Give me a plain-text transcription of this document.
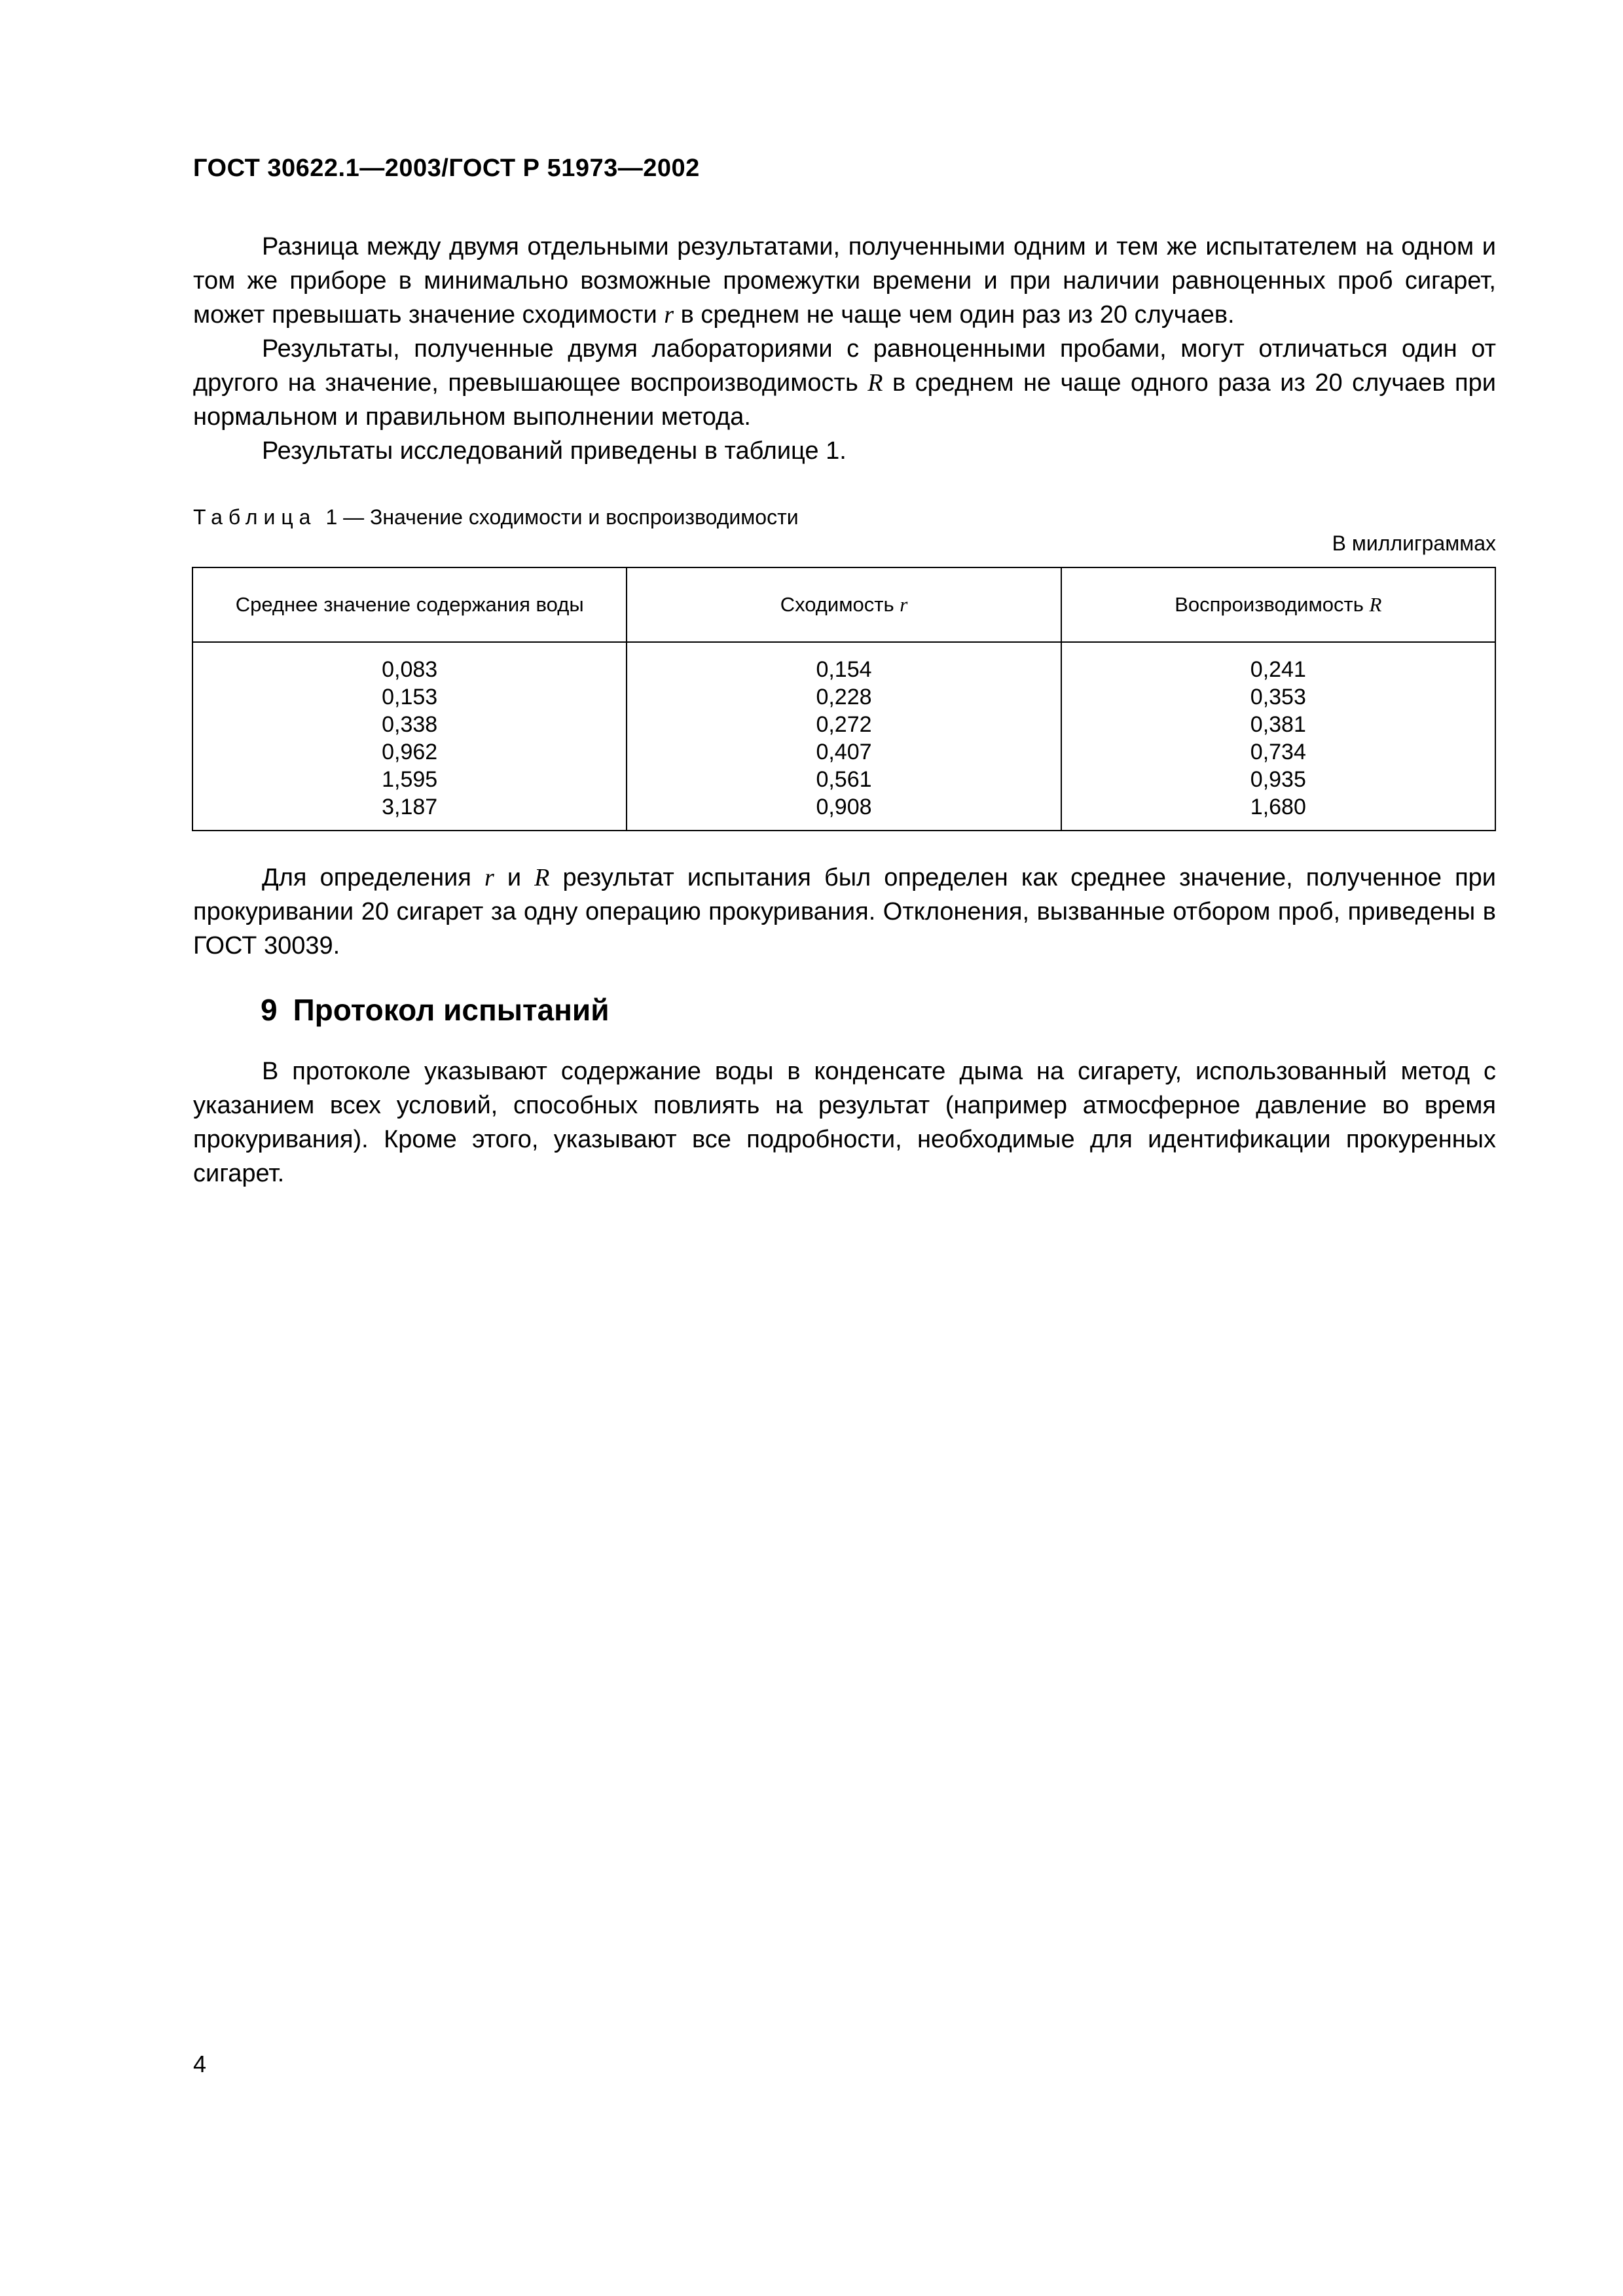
ГОСТ 30622.1—2003/ГОСТ Р 51973—2002

Разница между двумя отдельными результатами, полученными одним и тем же испытателем на одном и том же приборе в минимально возможные промежутки времени и при наличии равноценных проб сигарет, может превышать значение сходимости r в среднем не чаще чем один раз из 20 случаев.

Результаты, полученные двумя лабораториями с равноценными пробами, могут отличаться один от другого на значение, превышающее воспроизводимость R в среднем не чаще одного раза из 20 случаев при нормальном и правильном выполнении метода.

Результаты исследований приведены в таблице 1.

Таблица 1 — Значение сходимости и воспроизводимости
В миллиграммах
Среднее значение содержания воды	Сходимость r	Воспроизводимость R
0,083	0,154	0,241
0,153	0,228	0,353
0,338	0,272	0,381
0,962	0,407	0,734
1,595	0,561	0,935
3,187	0,908	1,680

Для определения r и R результат испытания был определен как среднее значение, полученное при прокуривании 20 сигарет за одну операцию прокуривания. Отклонения, вызванные отбором проб, приведены в ГОСТ 30039.

9 Протокол испытаний

В протоколе указывают содержание воды в конденсате дыма на сигарету, использованный метод с указанием всех условий, способных повлиять на результат (например атмосферное давление во время прокуривания). Кроме этого, указывают все подробности, необходимые для идентификации прокуренных сигарет.

4
